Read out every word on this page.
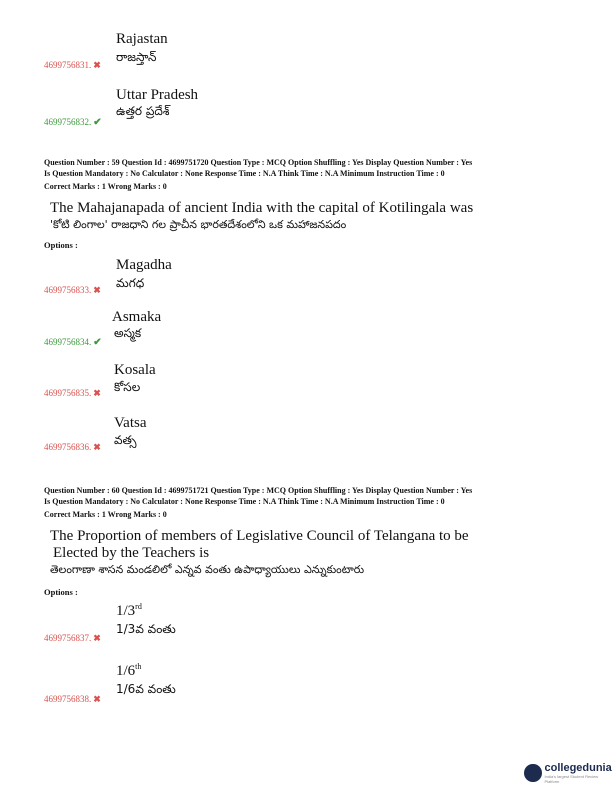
Rajastan
రాజస్తాన్
4699756831. ✖
Uttar Pradesh
ఉత్తర ప్రదేశ్
4699756832. ✔
Question Number : 59 Question Id : 4699751720 Question Type : MCQ Option Shuffling : Yes Display Question Number : Yes
Is Question Mandatory : No Calculator : None Response Time : N.A Think Time : N.A Minimum Instruction Time : 0
Correct Marks : 1 Wrong Marks : 0
The Mahajanapada of ancient India with the capital of Kotilingala was
'కోటి లింగాల' రాజధాని గల ప్రాచీన భారతదేశంలోని ఒక మహాజనపదం
Options :
Magadha
మగధ
4699756833. ✖
Asmaka
అస్మక
4699756834. ✔
Kosala
కోసల
4699756835. ✖
Vatsa
వత్స
4699756836. ✖
Question Number : 60 Question Id : 4699751721 Question Type : MCQ Option Shuffling : Yes Display Question Number : Yes
Is Question Mandatory : No Calculator : None Response Time : N.A Think Time : N.A Minimum Instruction Time : 0
Correct Marks : 1 Wrong Marks : 0
The Proportion of members of Legislative Council of Telangana to be
Elected by the Teachers is
తెలంగాణా శాసన మండలిలో ఎన్నవ వంతు ఉపాధ్యాయులు ఎన్నుకుంటారు
Options :
1/3rd
1/3వ వంతు
4699756837. ✖
1/6th
1/6వ వంతు
4699756838. ✖
collegedunia
India's largest Student Review Platform
